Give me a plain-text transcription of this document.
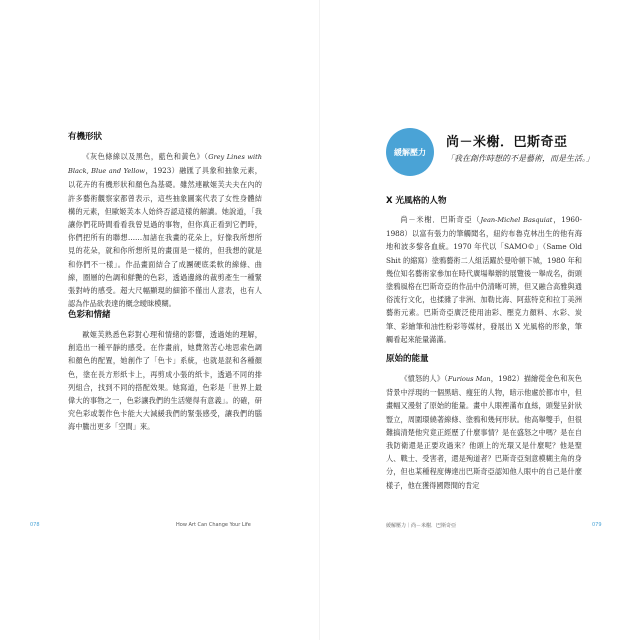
有機形狀

《灰色條線以及黑色，藍色和黃色》（Grey Lines with Black, Blue and Yellow，1923）融匯了具象和抽象元素，以花卉的有機形狀和顏色為基礎。雖然連歐姬芙夫夫在內的許多藝術觀察家都曾表示，這些抽象圖案代表了女性身體結構的元素，但歐姬芙本人始終否認這樣的解讀。她說道，「我讓你們花時間看看我曾見過的事物，但你真正看到它們時，你們把所有的聯想……加諸在我畫的花朵上，好像我所想所見的花朵，就和你所想所見的畫面是一樣的，但我想的就是和你們不一樣」。作品畫面結合了成團硬底柔軟的線條、曲線，圈層的色調和鮮艷的色彩，透過邊緣的裁剪產生一種緊張對峙的感受。超大尺幅顯現的細節不僅出人意表，也有人認為作品欲表達的概念曖昧模糊。

色彩和情緒

歐姬芙熟悉色彩對心理和情緒的影響，透過她的理解，創造出一種平靜的感受。在作畫前，她費煞苦心地思索色調和顏色的配置，她創作了「色卡」系統，也就是混和各種顏色，塗在長方形紙卡上，再剪成小張的紙卡，透過不同的排列組合，找到不同的搭配效果。她寫道，色彩是「世界上最偉大的事物之一，色彩讓我們的生活變得有意義」。的確，研究色彩或製作色卡能大大減緩我們的緊張感受，讓我們的腦海中騰出更多「空間」來。

078	How Art Can Change Your Life

緩解壓力
尚－米榭．巴斯奇亞

「我在創作時想的不是藝術，而是生活。」

X 光風格的人物

尚－米榭．巴斯奇亞（Jean-Michel Basquiat，1960-1988）以富有張力的筆觸聞名，紐約布魯克林出生的他有海地和波多黎各血統。1970 年代以「SAMO©」（Same Old Shit 的縮寫）塗鴉藝術二人組活躍於曼哈頓下城，1980 年和幾位知名藝術家參加在時代廣場舉辦的展覽後一舉成名，街頭塗鴉風格在巴斯奇亞的作品中仍清晰可辨，但又融合高雅與通俗流行文化，也揉雜了非洲、加勒比海、阿茲特克和拉丁美洲藝術元素。巴斯奇亞廣泛使用油彩、壓克力顏料、水彩、炭筆、彩繪筆和油性粉彩等媒材，發展出 X 光風格的形象，筆觸看起來能量滿滿。

原始的能量

《憤怒的人》（Furious Man，1982）描繪從金色和灰色背景中浮現的一個黑暗、瘦狂的人物，暗示他處於都市中，但畫幅又漫射了原始的能量。畫中人眼裡滿布血絲，頭髮呈針狀豎立，周圍環繞著線條、塗鴉和幾何形狀。他高舉雙手，但很難搞清楚他究竟正經歷了什麼事情？是在盛怒之中嗎？是在自我防衛還是正要攻過來？他頭上的光環又是什麼呢？他是聖人、戰士、受害者，還是殉道者？巴斯奇亞刻意模糊主角的身分，但也某種程度傳達出巴斯奇亞認知他人眼中的自己是什麼樣子，他在獲得國際間的肯定

緩解壓力｜尚－米榭．巴斯奇亞	079
